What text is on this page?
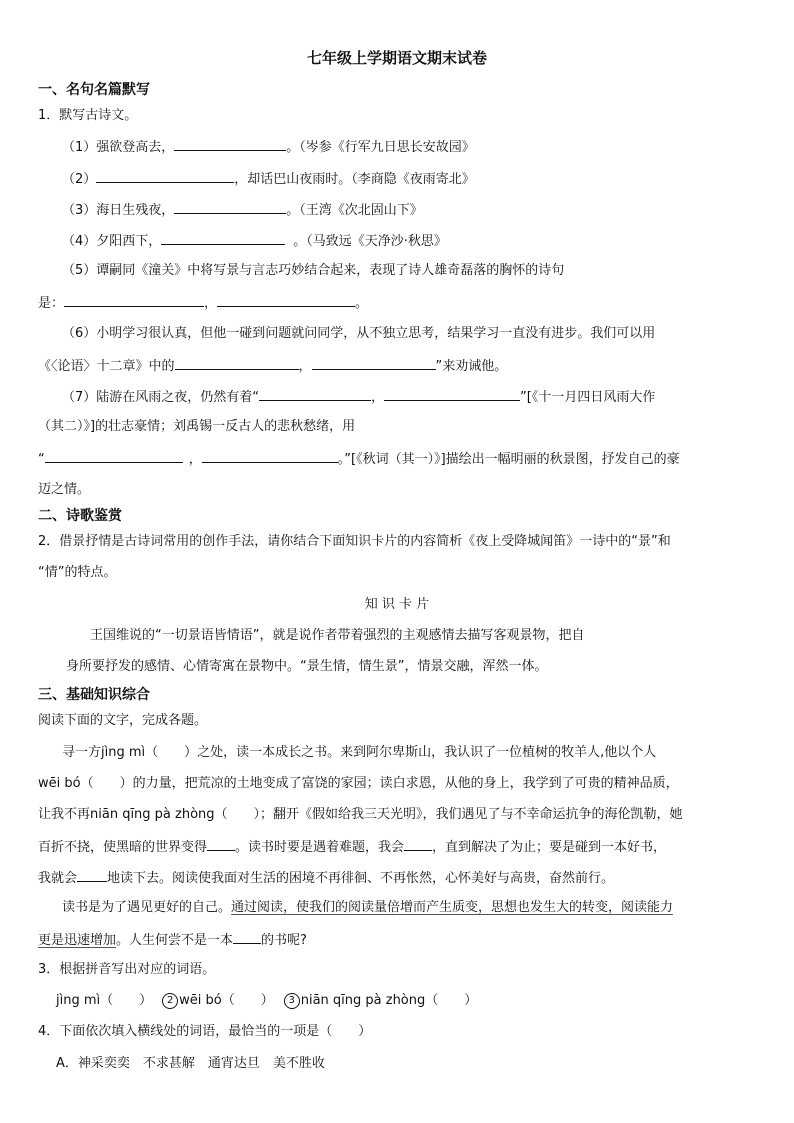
七年级上学期语文期末试卷
一、名句名篇默写
1．默写古诗文。
（1）强欲登高去，	。（岑参《行军九日思长安故园》
（2）	，却话巴山夜雨时。（李商隐《夜雨寄北》
（3）海日生残夜，	。（王湾《次北固山下》
（4）夕阳西下，	。（马致远《天净沙·秋思》
（5）谭嗣同《潼关》中将写景与言志巧妙结合起来，表现了诗人雄奇磊落的胸怀的诗句
是：	，	。
（6）小明学习很认真，但他一碰到问题就问同学，从不独立思考，结果学习一直没有进步。我们可以用
《〈论语〉十二章》中的	，	”来劝诫他。
（7）陆游在风雨之夜，仍然有着“	，	”[《十一月四日风雨大作
（其二）》]的壮志豪情；刘禹锡一反古人的悲秋愁绪，用
“	，	。”[《秋词（其一）》]描绘出一幅明丽的秋景图，抒发自己的豪
迈之情。
二、诗歌鉴赏
2．借景抒情是古诗词常用的创作手法，请你结合下面知识卡片的内容简析《夜上受降城闻笛》一诗中的“景”和
“情”的特点。
知 识 卡 片
王国维说的“一切景语皆情语”，就是说作者带着强烈的主观感情去描写客观景物，把自
身所要抒发的感情、心情寄寓在景物中。“景生情，情生景”，情景交融，浑然一体。
三、基础知识综合
阅读下面的文字，完成各题。
寻一方jìng mì（　　）之处，读一本成长之书。来到阿尔卑斯山，我认识了一位植树的牧羊人,他以个人
wēi bó（　　）的力量，把荒凉的土地变成了富饶的家园；读白求恩，从他的身上，我学到了可贵的精神品质，
让我不再niān qīng pà zhòng（　　）；翻开《假如给我三天光明》，我们遇见了与不幸命运抗争的海伦凯勒，她
百折不挠，使黑暗的世界变得 。读书时要是遇着难题，我会 ，直到解决了为止；要是碰到一本好书，
我就会 地读下去。阅读使我面对生活的困境不再徘徊、不再怅然，心怀美好与高贵，奋然前行。
读书是为了遇见更好的自己。通过阅读，使我们的阅读量倍增而产生质变，思想也发生大的转变，阅读能力
更是迅速增加。人生何尝不是一本 的书呢?
3．根据拼音写出对应的词语。
jìng mì（　　） 2 wēi bó（　　） 3 niān qīng pà zhòng（　　）
4．下面依次填入横线处的词语，最恰当的一项是（　　）
A．神采奕奕　不求甚解　通宵达旦　美不胜收
